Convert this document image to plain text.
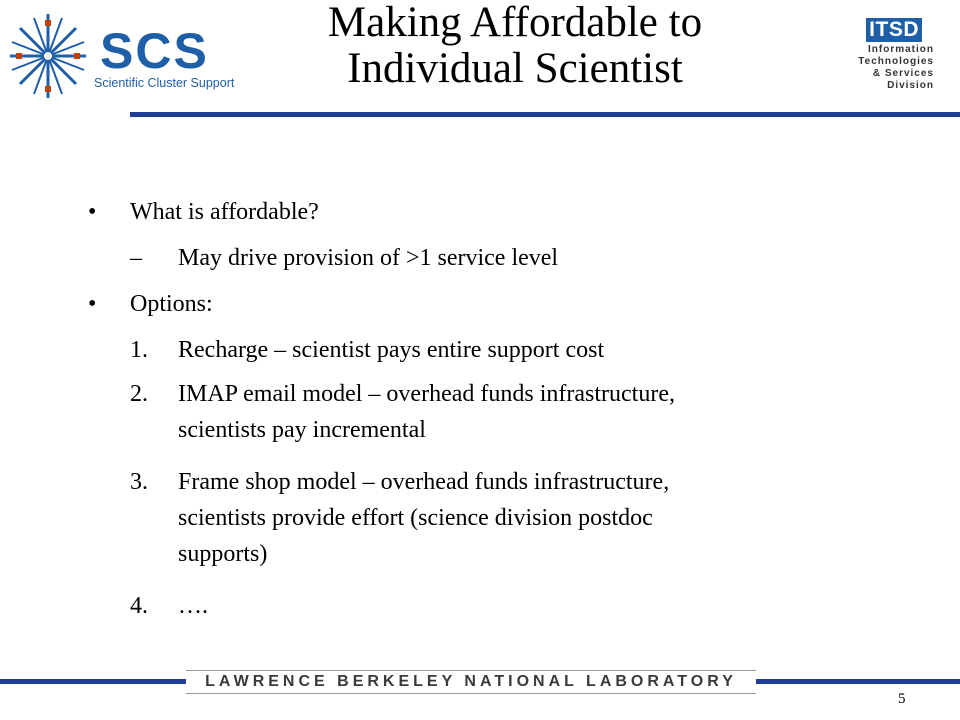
SCS
Scientific Cluster Support
Making Affordable to
Individual Scientist
ITSD
Information
Technologies
& Services
Division
• What is affordable?
– May drive provision of >1 service level
• Options:
1. Recharge – scientist pays entire support cost
2. IMAP email model – overhead funds infrastructure,
scientists pay incremental
3. Frame shop model – overhead funds infrastructure,
scientists provide effort (science division postdoc
supports)
4. ….
LAWRENCE BERKELEY NATIONAL LABORATORY
5
